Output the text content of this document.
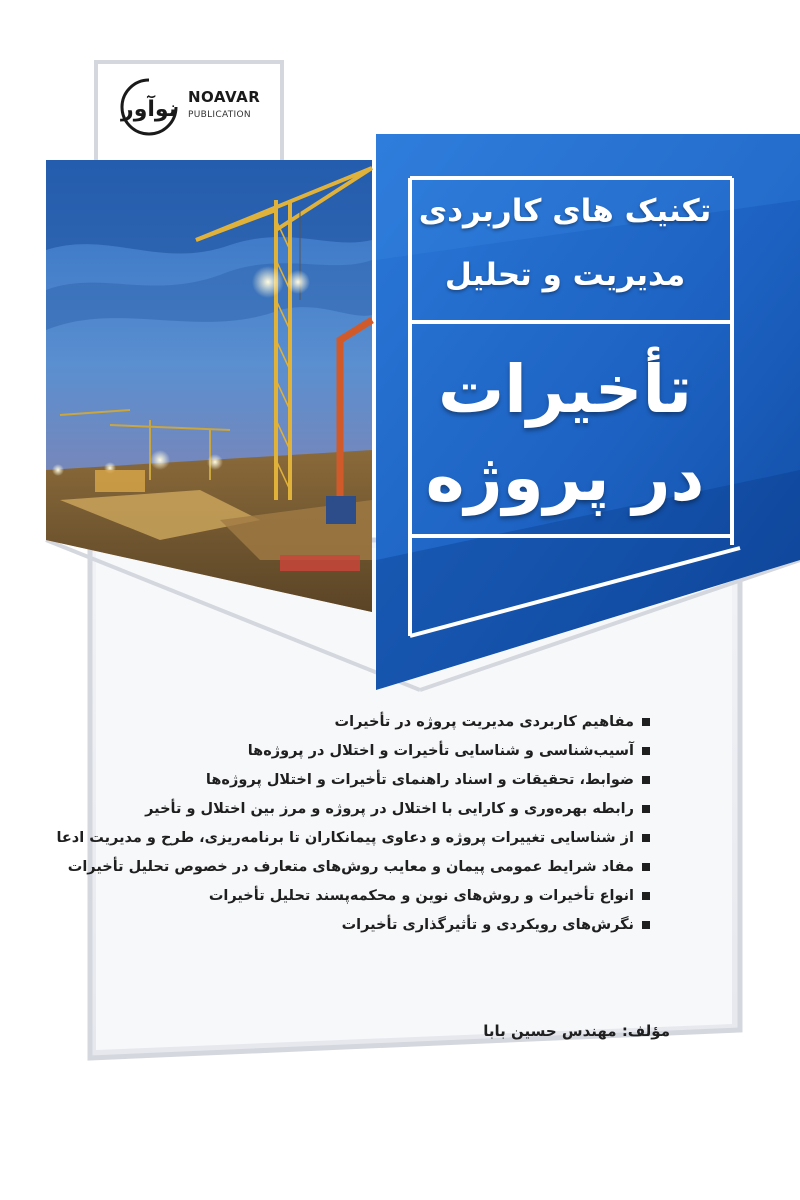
نوآور NOAVAR
PUBLICATION
تکنیک های کاربردی
مدیریت و تحلیل
تأخیرات
در پروژه
مفاهیم کاربردی مدیریت پروژه در تأخیرات
آسیب‌شناسی و شناسایی تأخیرات و اختلال در پروژه‌ها
ضوابط، تحقیقات و اسناد راهنمای تأخیرات و اختلال پروژه‌ها
رابطه بهره‌وری و کارایی با اختلال در پروژه و مرز بین اختلال و تأخیر
از شناسایی تغییرات پروژه و دعاوی پیمانکاران تا برنامه‌ریزی، طرح و مدیریت ادعا
مفاد شرایط عمومی پیمان و معایب روش‌های متعارف در خصوص تحلیل تأخیرات
انواع تأخیرات و روش‌های نوین و محکمه‌پسند تحلیل تأخیرات
نگرش‌های رویکردی و تأثیرگذاری تأخیرات
مؤلف: مهندس حسین بابا
